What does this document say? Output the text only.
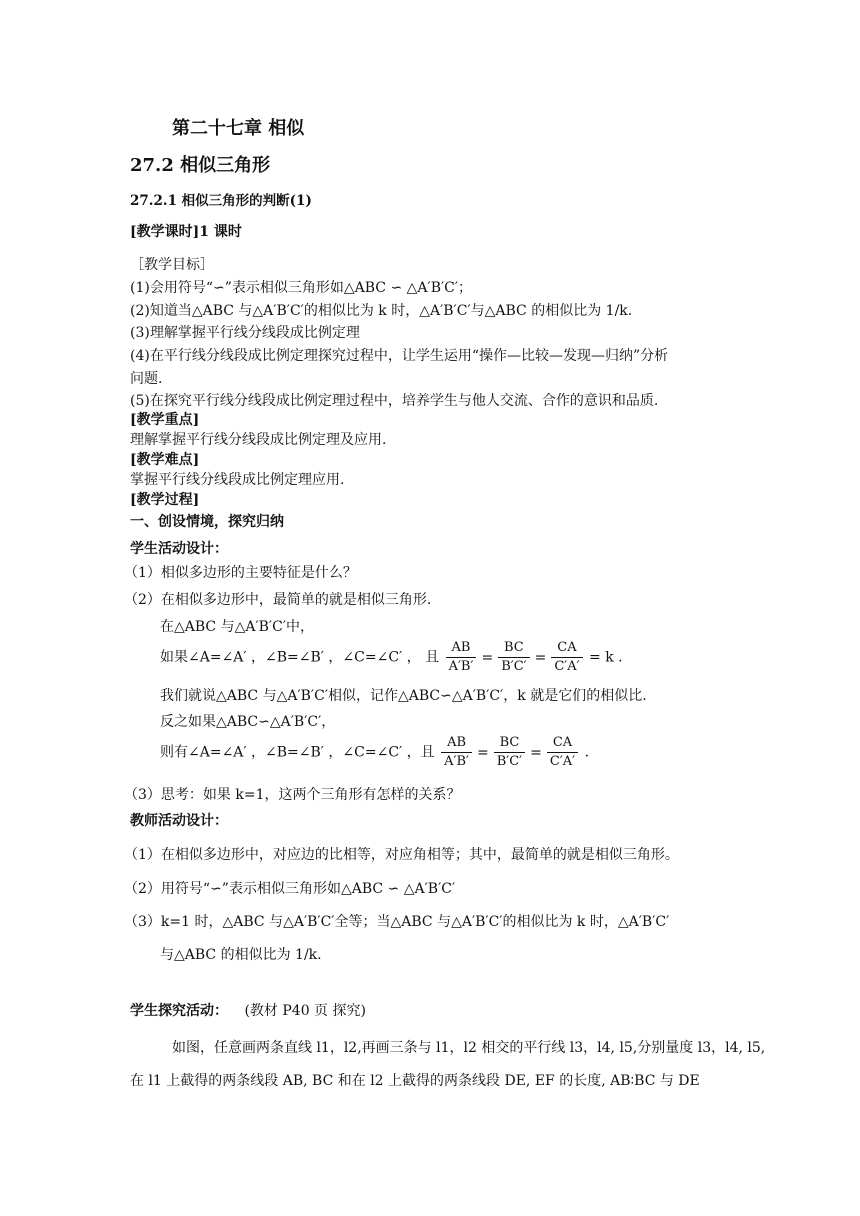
第二十七章 相似
27.2 相似三角形
27.2.1 相似三角形的判断(1)
[教学课时]1 课时
［教学目标］
(1)会用符号“∽”表示相似三角形如△ABC ∽ △A′B′C′；
(2)知道当△ABC 与△A′B′C′的相似比为 k 时，△A′B′C′与△ABC 的相似比为 1/k.
(3)理解掌握平行线分线段成比例定理
(4)在平行线分线段成比例定理探究过程中，让学生运用“操作—比较—发现—归纳”分析
问题.
(5)在探究平行线分线段成比例定理过程中，培养学生与他人交流、合作的意识和品质.
[教学重点]
理解掌握平行线分线段成比例定理及应用.
[教学难点]
掌握平行线分线段成比例定理应用.
[教学过程]
一、创设情境，探究归纳
学生活动设计：
（1）相似多边形的主要特征是什么？
（2）在相似多边形中，最简单的就是相似三角形.
在△ABC 与△A′B′C′中，
如果∠A=∠A′ ，∠B=∠B′ ，∠C=∠C′ ， 且 $\frac{AB}{A'B'} = \frac{BC}{B'C'} = \frac{CA}{C'A'} = k$ .
我们就说△ABC 与△A′B′C′相似，记作△ABC∽△A′B′C′，k 就是它们的相似比.
反之如果△ABC∽△A′B′C′，
则有∠A=∠A′ ，∠B=∠B′ ，∠C=∠C′ ，且 $\frac{AB}{A'B'} = \frac{BC}{B'C'} = \frac{CA}{C'A'}$ .
（3）思考：如果 k=1，这两个三角形有怎样的关系？
教师活动设计：
（1）在相似多边形中，对应边的比相等，对应角相等；其中，最简单的就是相似三角形。
（2）用符号“∽”表示相似三角形如△ABC ∽ △A′B′C′
（3）k=1 时，△ABC 与△A′B′C′全等；当△ABC 与△A′B′C′的相似比为 k 时，△A′B′C′
与△ABC 的相似比为 1/k.
学生探究活动： (教材 P40 页 探究)
如图，任意画两条直线 l1，l2,再画三条与 l1，l2 相交的平行线 l3，l4, l5,分别量度 l3，l4, l5,
在 l1 上截得的两条线段 AB, BC 和在 l2 上截得的两条线段 DE, EF 的长度, AB∶BC 与 DE
